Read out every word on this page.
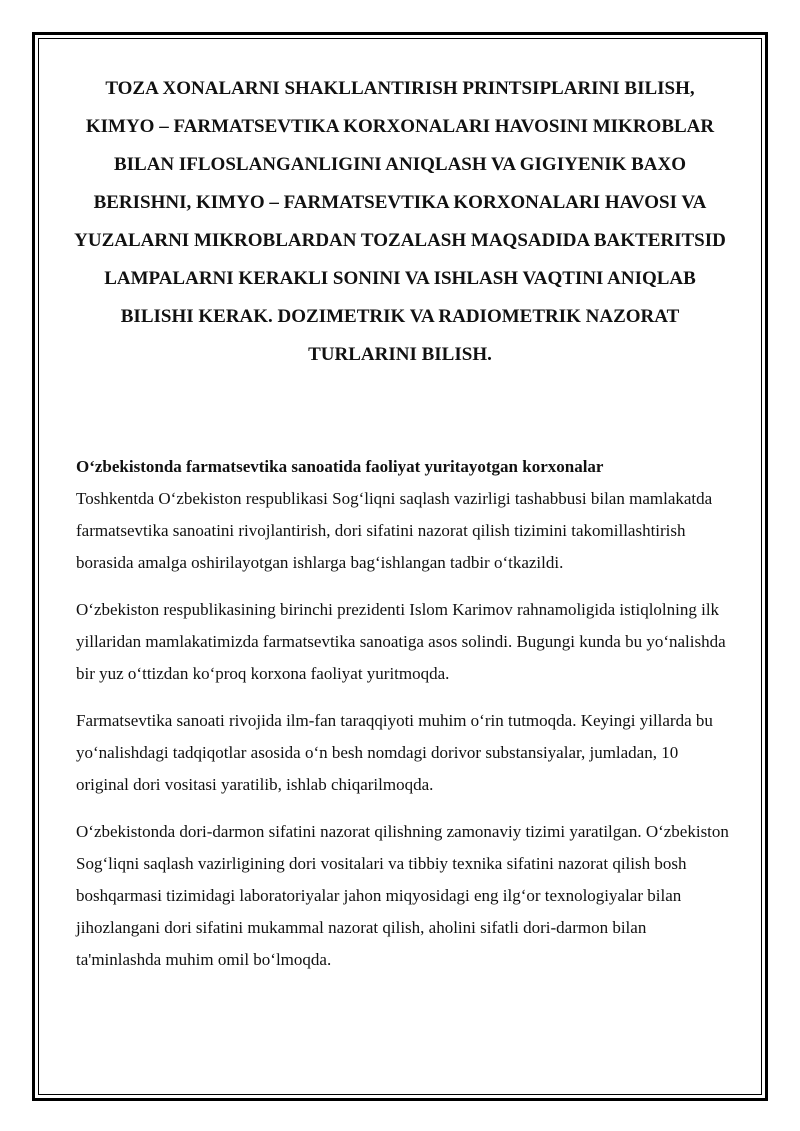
TOZA XONALARNI SHAKLLANTIRISH PRINTSIPLARINI BILISH, KIMYO – FARMATSEVTIKA KORXONALARI HAVOSINI MIKROBLAR BILAN IFLOSLANGANLIGINI ANIQLASH VA GIGIYENIK BAXO BERISHNI, KIMYO – FARMATSEVTIKA KORXONALARI HAVOSI VA YUZALARNI MIKROBLARDAN TOZALASH MAQSADIDA BAKTERITSID LAMPALARNI KERAKLI SONINI VA ISHLASH VAQTINI ANIQLAB BILISHI KERAK. DOZIMETRIK VA RADIOMETRIK NAZORAT TURLARINI BILISH.

O‘zbekistonda farmatsevtika sanoatida faoliyat yuritayotgan korxonalar

Toshkentda O‘zbekiston respublikasi Sog‘liqni saqlash vazirligi tashabbusi bilan mamlakatda farmatsevtika sanoatini rivojlantirish, dori sifatini nazorat qilish tizimini takomillashtirish borasida amalga oshirilayotgan ishlarga bag‘ishlangan tadbir o‘tkazildi.

O‘zbekiston respublikasining birinchi prezidenti Islom Karimov rahnamoligida istiqlolning ilk yillaridan mamlakatimizda farmatsevtika sanoatiga asos solindi. Bugungi kunda bu yo‘nalishda bir yuz o‘ttizdan ko‘proq korxona faoliyat yuritmoqda.

Farmatsevtika sanoati rivojida ilm-fan taraqqiyoti muhim o‘rin tutmoqda. Keyingi yillarda bu yo‘nalishdagi tadqiqotlar asosida o‘n besh nomdagi dorivor substansiyalar, jumladan, 10 original dori vositasi yaratilib, ishlab chiqarilmoqda.

O‘zbekistonda dori-darmon sifatini nazorat qilishning zamonaviy tizimi yaratilgan. O‘zbekiston Sog‘liqni saqlash vazirligining dori vositalari va tibbiy texnika sifatini nazorat qilish bosh boshqarmasi tizimidagi laboratoriyalar jahon miqyosidagi eng ilg‘or texnologiyalar bilan jihozlangani dori sifatini mukammal nazorat qilish, aholini sifatli dori-darmon bilan ta'minlashda muhim omil bo‘lmoqda.
